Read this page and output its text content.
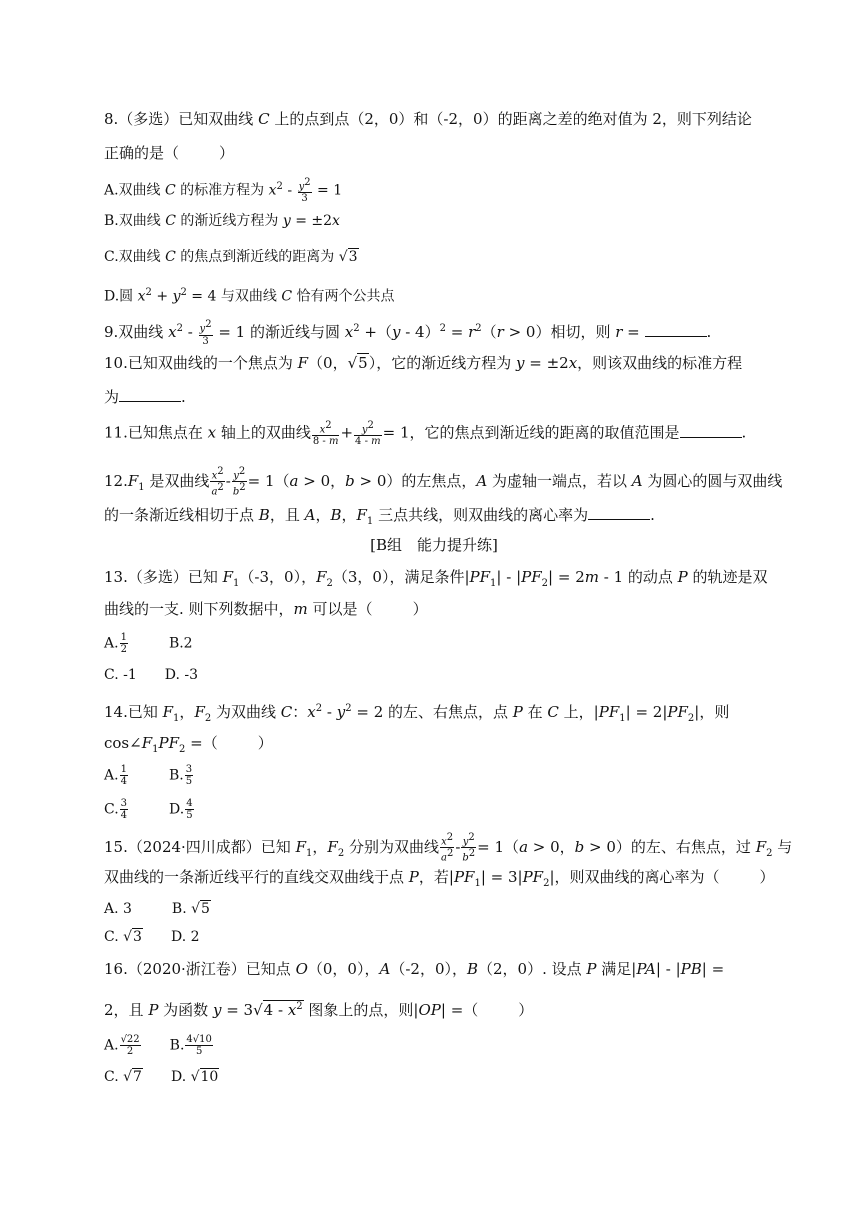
8.（多选）已知双曲线 C 上的点到点（2，0）和（-2，0）的距离之差的绝对值为 2，则下列结论
正确的是（	）
A.双曲线 C 的标准方程为 $x^2 - \frac{y^2}{3} = 1$
B.双曲线 C 的渐近线方程为 y = ±2x
C.双曲线 C 的焦点到渐近线的距离为 √3
D.圆 $x^2 + y^2 = 4$ 与双曲线 C 恰有两个公共点
9.双曲线 $x^2 - \frac{y^2}{3} = 1$ 的渐近线与圆 $x^2 +(y - 4)^2 = r^2(r > 0)$相切，则 r =	.
10.已知双曲线的一个焦点为 F（0，√5），它的渐近线方程为 y = ±2x，则该双曲线的标准方程
为	.
11.已知焦点在 x 轴上的双曲线 $\frac{x^2}{8 - m} + \frac{y^2}{4 - m} = 1$，它的焦点到渐近线的距离的取值范围是	.
$12.F_1$ 是双曲线 $\frac{x^2}{a^2} - \frac{y^2}{b^2} = 1(a > 0$，b > 0）的左焦点，A 为虚轴一端点，若以 A 为圆心的圆与双曲线
的一条渐近线相切于点 B，且 A，B，$F_1$ 三点共线，则双曲线的离心率为	.
[B组　能力提升练]
13.（多选）已知 $F_1(-3$，0），$F_2(3$，0），满足条件$|PF_1| - |PF_2| = 2m - 1$ 的动点 P 的轨迹是双
曲线的一支. 则下列数据中，m 可以是（	）
A. $\frac{1}{2}$	B.2
C. -1 D. -3
14.已知 $F_1$，$F_2$ 为双曲线 C：$x^2 - y^2 = 2$ 的左、右焦点，点 P 在 C 上，$|PF_1| = 2|PF_2|$，则
$\cos\angle F_1PF_2$ =（	）
A. $\frac{1}{4}$	B. $\frac{3}{5}$
C. $\frac{3}{4}$	D. $\frac{4}{5}$
15.（2024·四川成都）已知 $F_1$，$F_2$ 分别为双曲线 $\frac{x^2}{a^2} - \frac{y^2}{b^2} = 1(a > 0$，b > 0）的左、右焦点，过 $F_2$ 与
双曲线的一条渐近线平行的直线交双曲线于点 P，若$|PF_1| = 3|PF_2|$，则双曲线的离心率为（	）
A. 3	B. √5
C. √3 D. 2
16.（2020·浙江卷）已知点 O（0，0），A（-2，0），B（2，0）. 设点 P 满足|PA| - |PB| =
2，且 P 为函数 $y = 3√4 - x^2$ 图象上的点，则|OP| =（	）
A. $\frac{√22}{2} B$. $\frac{4√10}{5}$
C. √7 D. √10
